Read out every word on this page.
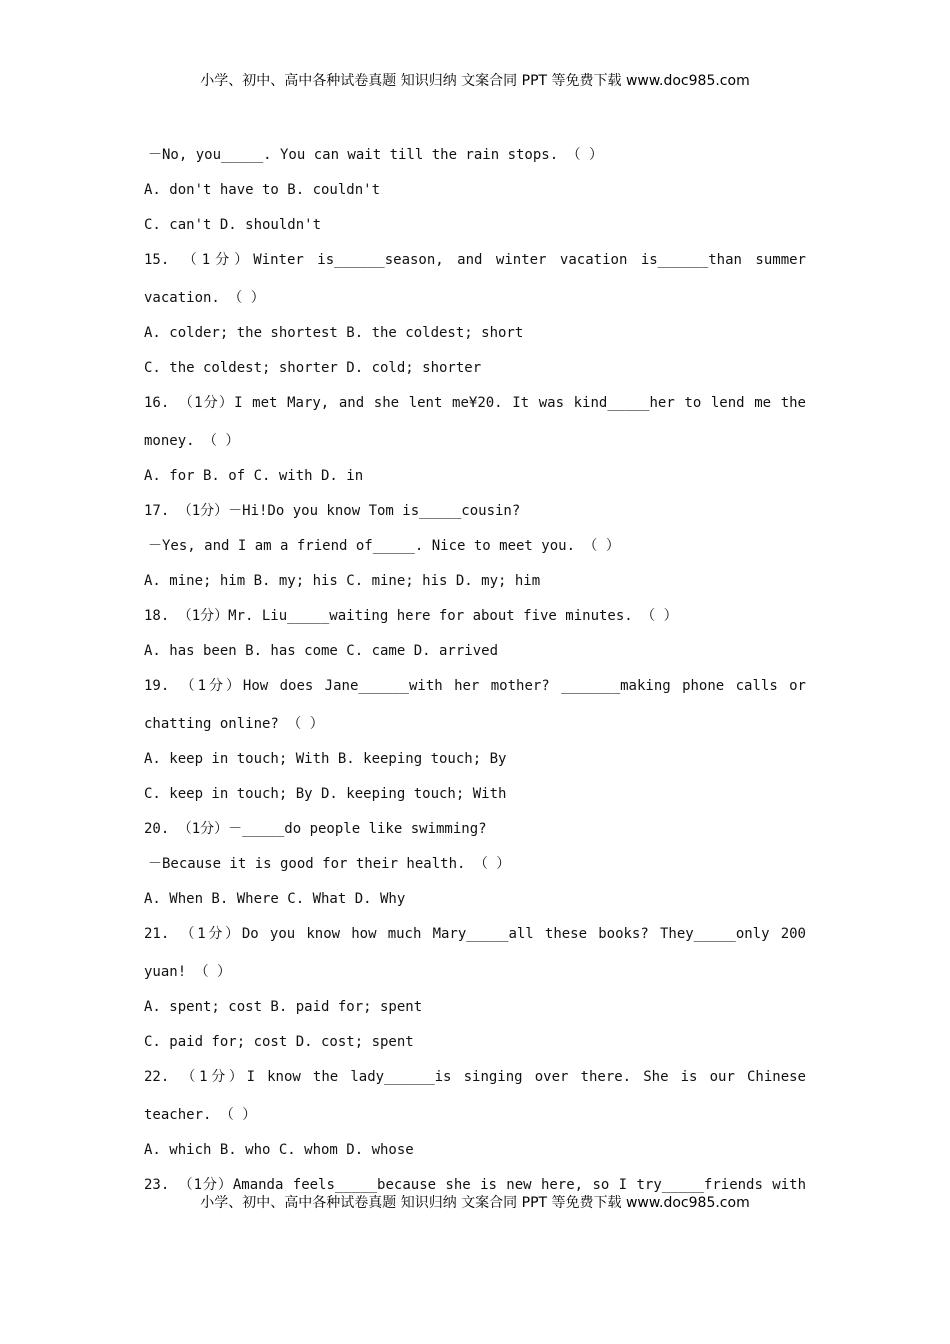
小学、初中、高中各种试卷真题 知识归纳 文案合同 PPT 等免费下载 www.doc985.com
－No, you_____. You can wait till the rain stops. （ ）
A. don't have to B. couldn't
C. can't D. shouldn't
15. （1分）Winter is______season, and winter vacation is______than summer
vacation. （ ）
A. colder; the shortest B. the coldest; short
C. the coldest; shorter D. cold; shorter
16. （1分）I met Mary, and she lent me¥20. It was kind_____her to lend me the
money. （ ）
A. for B. of C. with D. in
17. （1分）－Hi!Do you know Tom is_____cousin?
－Yes, and I am a friend of_____. Nice to meet you. （ ）
A. mine; him B. my; his C. mine; his D. my; him
18. （1分）Mr. Liu_____waiting here for about five minutes. （ ）
A. has been B. has come C. came D. arrived
19. （1分）How does Jane______with her mother? _______making phone calls or
chatting online? （ ）
A. keep in touch; With B. keeping touch; By
C. keep in touch; By D. keeping touch; With
20. （1分）－_____do people like swimming?
－Because it is good for their health. （ ）
A. When B. Where C. What D. Why
21. （1分）Do you know how much Mary_____all these books? They_____only 200
yuan! （ ）
A. spent; cost B. paid for; spent
C. paid for; cost D. cost; spent
22. （1分）I know the lady______is singing over there. She is our Chinese
teacher. （ ）
A. which B. who C. whom D. whose
23. （1分）Amanda feels_____because she is new here, so I try_____friends with
小学、初中、高中各种试卷真题 知识归纳 文案合同 PPT 等免费下载 www.doc985.com
